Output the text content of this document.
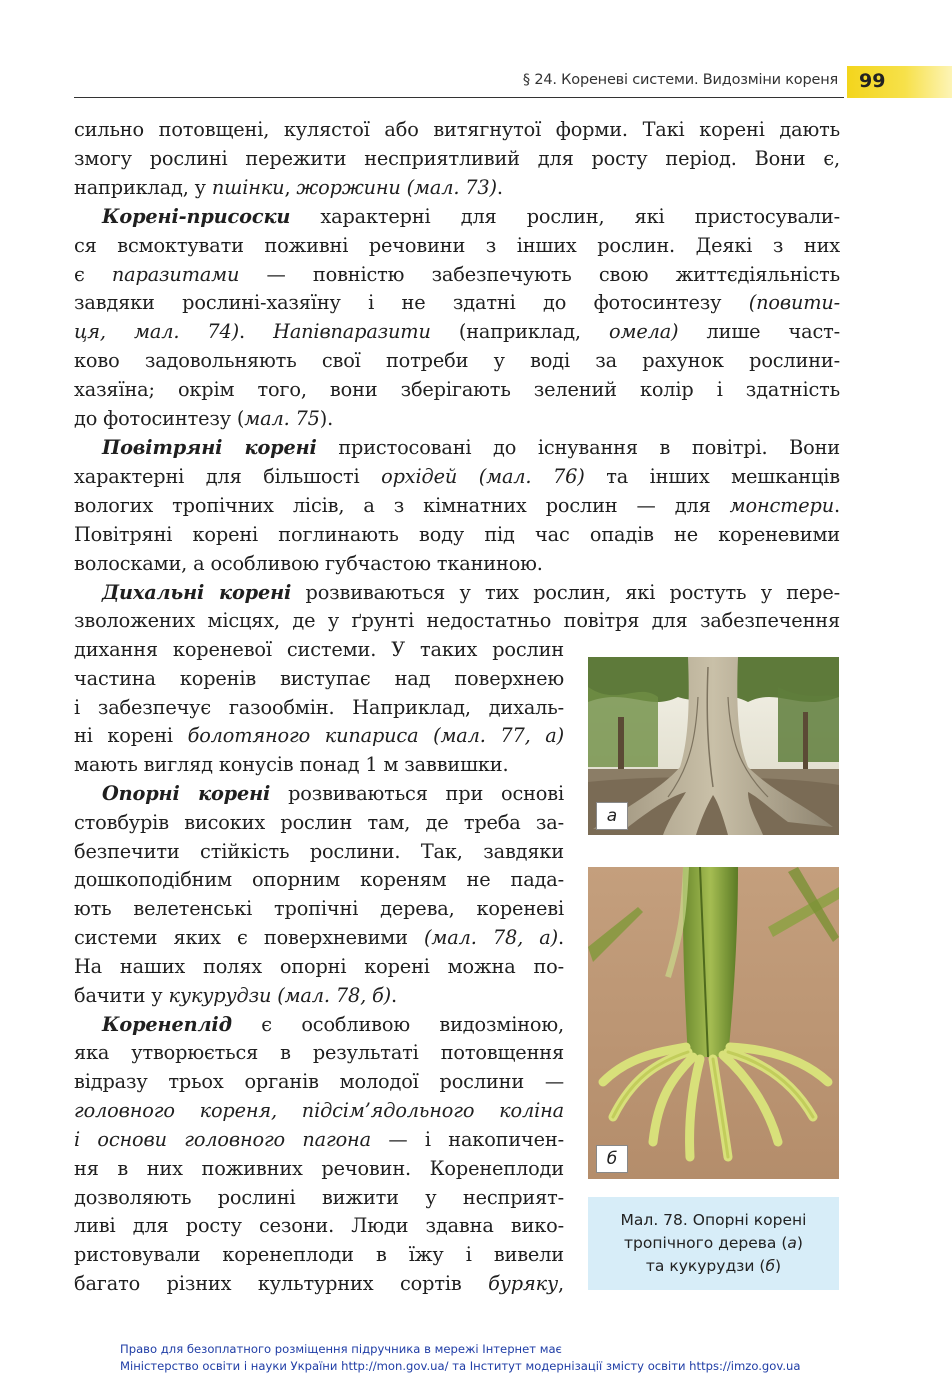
§ 24. Кореневі системи. Видозміни кореня 99

сильно потовщені, кулястої або витягнутої форми. Такі корені дають

змогу рослині пережити несприятливий для росту період. Вони є,

наприклад, у пшінки, жоржини (мал. 73).

Корені-присоски характерні для рослин, які пристосували-

ся всмоктувати поживні речовини з інших рослин. Деякі з них

є паразитами — повністю забезпечують свою життєдіяльність

завдяки рослині-хазяїну і не здатні до фотосинтезу (повити-

ця, мал. 74). Напівпаразити (наприклад, омела) лише част-

ково задовольняють свої потреби у воді за рахунок рослини-

хазяїна; окрім того, вони зберігають зелений колір і здатність

до фотосинтезу (мал. 75).

Повітряні корені пристосовані до існування в повітрі. Вони

характерні для більшості орхідей (мал. 76) та інших мешканців

вологих тропічних лісів, а з кімнатних рослин — для монстери.

Повітряні корені поглинають воду під час опадів не кореневими

волосками, а особливою губчастою тканиною.

Дихальні корені розвиваються у тих рослин, які ростуть у пере-

зволожених місцях, де у ґрунті недостатньо повітря для забезпечення

дихання кореневої системи. У таких рослин

частина коренів виступає над поверхнею

і забезпечує газообмін. Наприклад, дихаль-

ні корені болотяного кипариса (мал. 77, а)

мають вигляд конусів понад 1 м заввишки.

Опорні корені розвиваються при основі

стовбурів високих рослин там, де треба за-

безпечити стійкість рослини. Так, завдяки

дошкоподібним опорним кореням не пада-

ють велетенські тропічні дерева, кореневі

системи яких є поверхневими (мал. 78, а).

На наших полях опорні корені можна по-

бачити у кукурудзи (мал. 78, б).

Коренеплід є особливою видозміною,

яка утворюється в результаті потовщення

відразу трьох органів молодої рослини —

головного кореня, підсім’ядольного коліна

і основи головного пагона — і накопичен-

ня в них поживних речовин. Коренеплоди

дозволяють рослині вижити у несприят-

ливі для росту сезони. Люди здавна вико-

ристовували коренеплоди в їжу і вивели

багато різних культурних сортів буряку,

а
б
Мал. 78. Опорні корені
тропічного дерева (а)
та кукурудзи (б)
Право для безоплатного розміщення підручника в мережі Інтернет має
Міністерство освіти і науки України http://mon.gov.ua/ та Інститут модернізації змісту освіти https://imzo.gov.ua
